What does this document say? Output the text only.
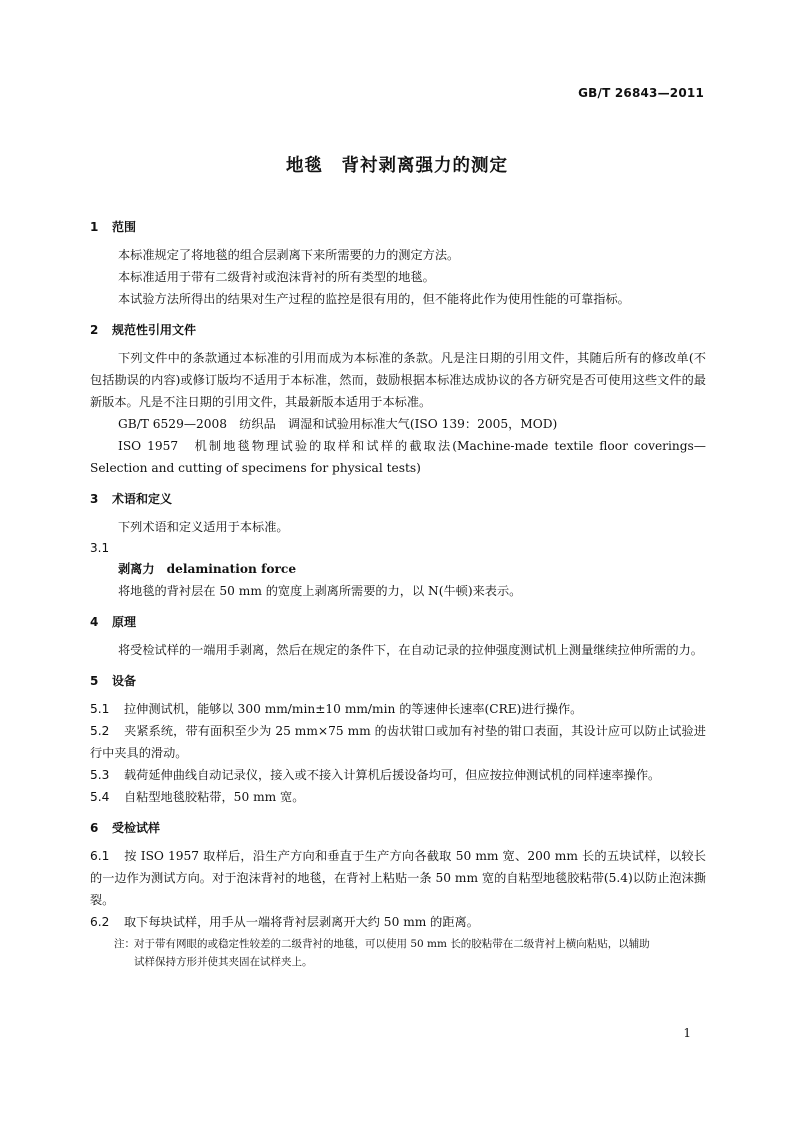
GB/T 26843—2011
地毯　背衬剥离强力的测定
1 范围

本标准规定了将地毯的组合层剥离下来所需要的力的测定方法。

本标准适用于带有二级背衬或泡沫背衬的所有类型的地毯。

本试验方法所得出的结果对生产过程的监控是很有用的，但不能将此作为使用性能的可靠指标。

2 规范性引用文件

下列文件中的条款通过本标准的引用而成为本标准的条款。凡是注日期的引用文件，其随后所有的修改单(不包括勘误的内容)或修订版均不适用于本标准，然而，鼓励根据本标准达成协议的各方研究是否可使用这些文件的最新版本。凡是不注日期的引用文件，其最新版本适用于本标准。

GB/T 6529—2008　纺织品　调湿和试验用标准大气(ISO 139：2005，MOD)

ISO 1957　机制地毯物理试验的取样和试样的截取法(Machine-made textile floor coverings—Selection and cutting of specimens for physical tests)

3 术语和定义

下列术语和定义适用于本标准。

3.1

剥离力 delamination force

将地毯的背衬层在 50 mm 的宽度上剥离所需要的力，以 N(牛顿)来表示。

4 原理

将受检试样的一端用手剥离，然后在规定的条件下，在自动记录的拉伸强度测试机上测量继续拉伸所需的力。

5 设备

5.1 拉伸测试机，能够以 300 mm/min±10 mm/min 的等速伸长速率(CRE)进行操作。

5.2 夹紧系统，带有面积至少为 25 mm×75 mm 的齿状钳口或加有衬垫的钳口表面，其设计应可以防止试验进行中夹具的滑动。

5.3 载荷延伸曲线自动记录仪，接入或不接入计算机后援设备均可，但应按拉伸测试机的同样速率操作。

5.4 自粘型地毯胶粘带，50 mm 宽。

6 受检试样

6.1 按 ISO 1957 取样后，沿生产方向和垂直于生产方向各截取 50 mm 宽、200 mm 长的五块试样，以较长的一边作为测试方向。对于泡沫背衬的地毯，在背衬上粘贴一条 50 mm 宽的自粘型地毯胶粘带(5.4)以防止泡沫撕裂。

6.2 取下每块试样，用手从一端将背衬层剥离开大约 50 mm 的距离。

注：对于带有网眼的或稳定性较差的二级背衬的地毯，可以使用 50 mm 长的胶粘带在二级背衬上横向粘贴，以辅助

试样保持方形并使其夹固在试样夹上。

1
